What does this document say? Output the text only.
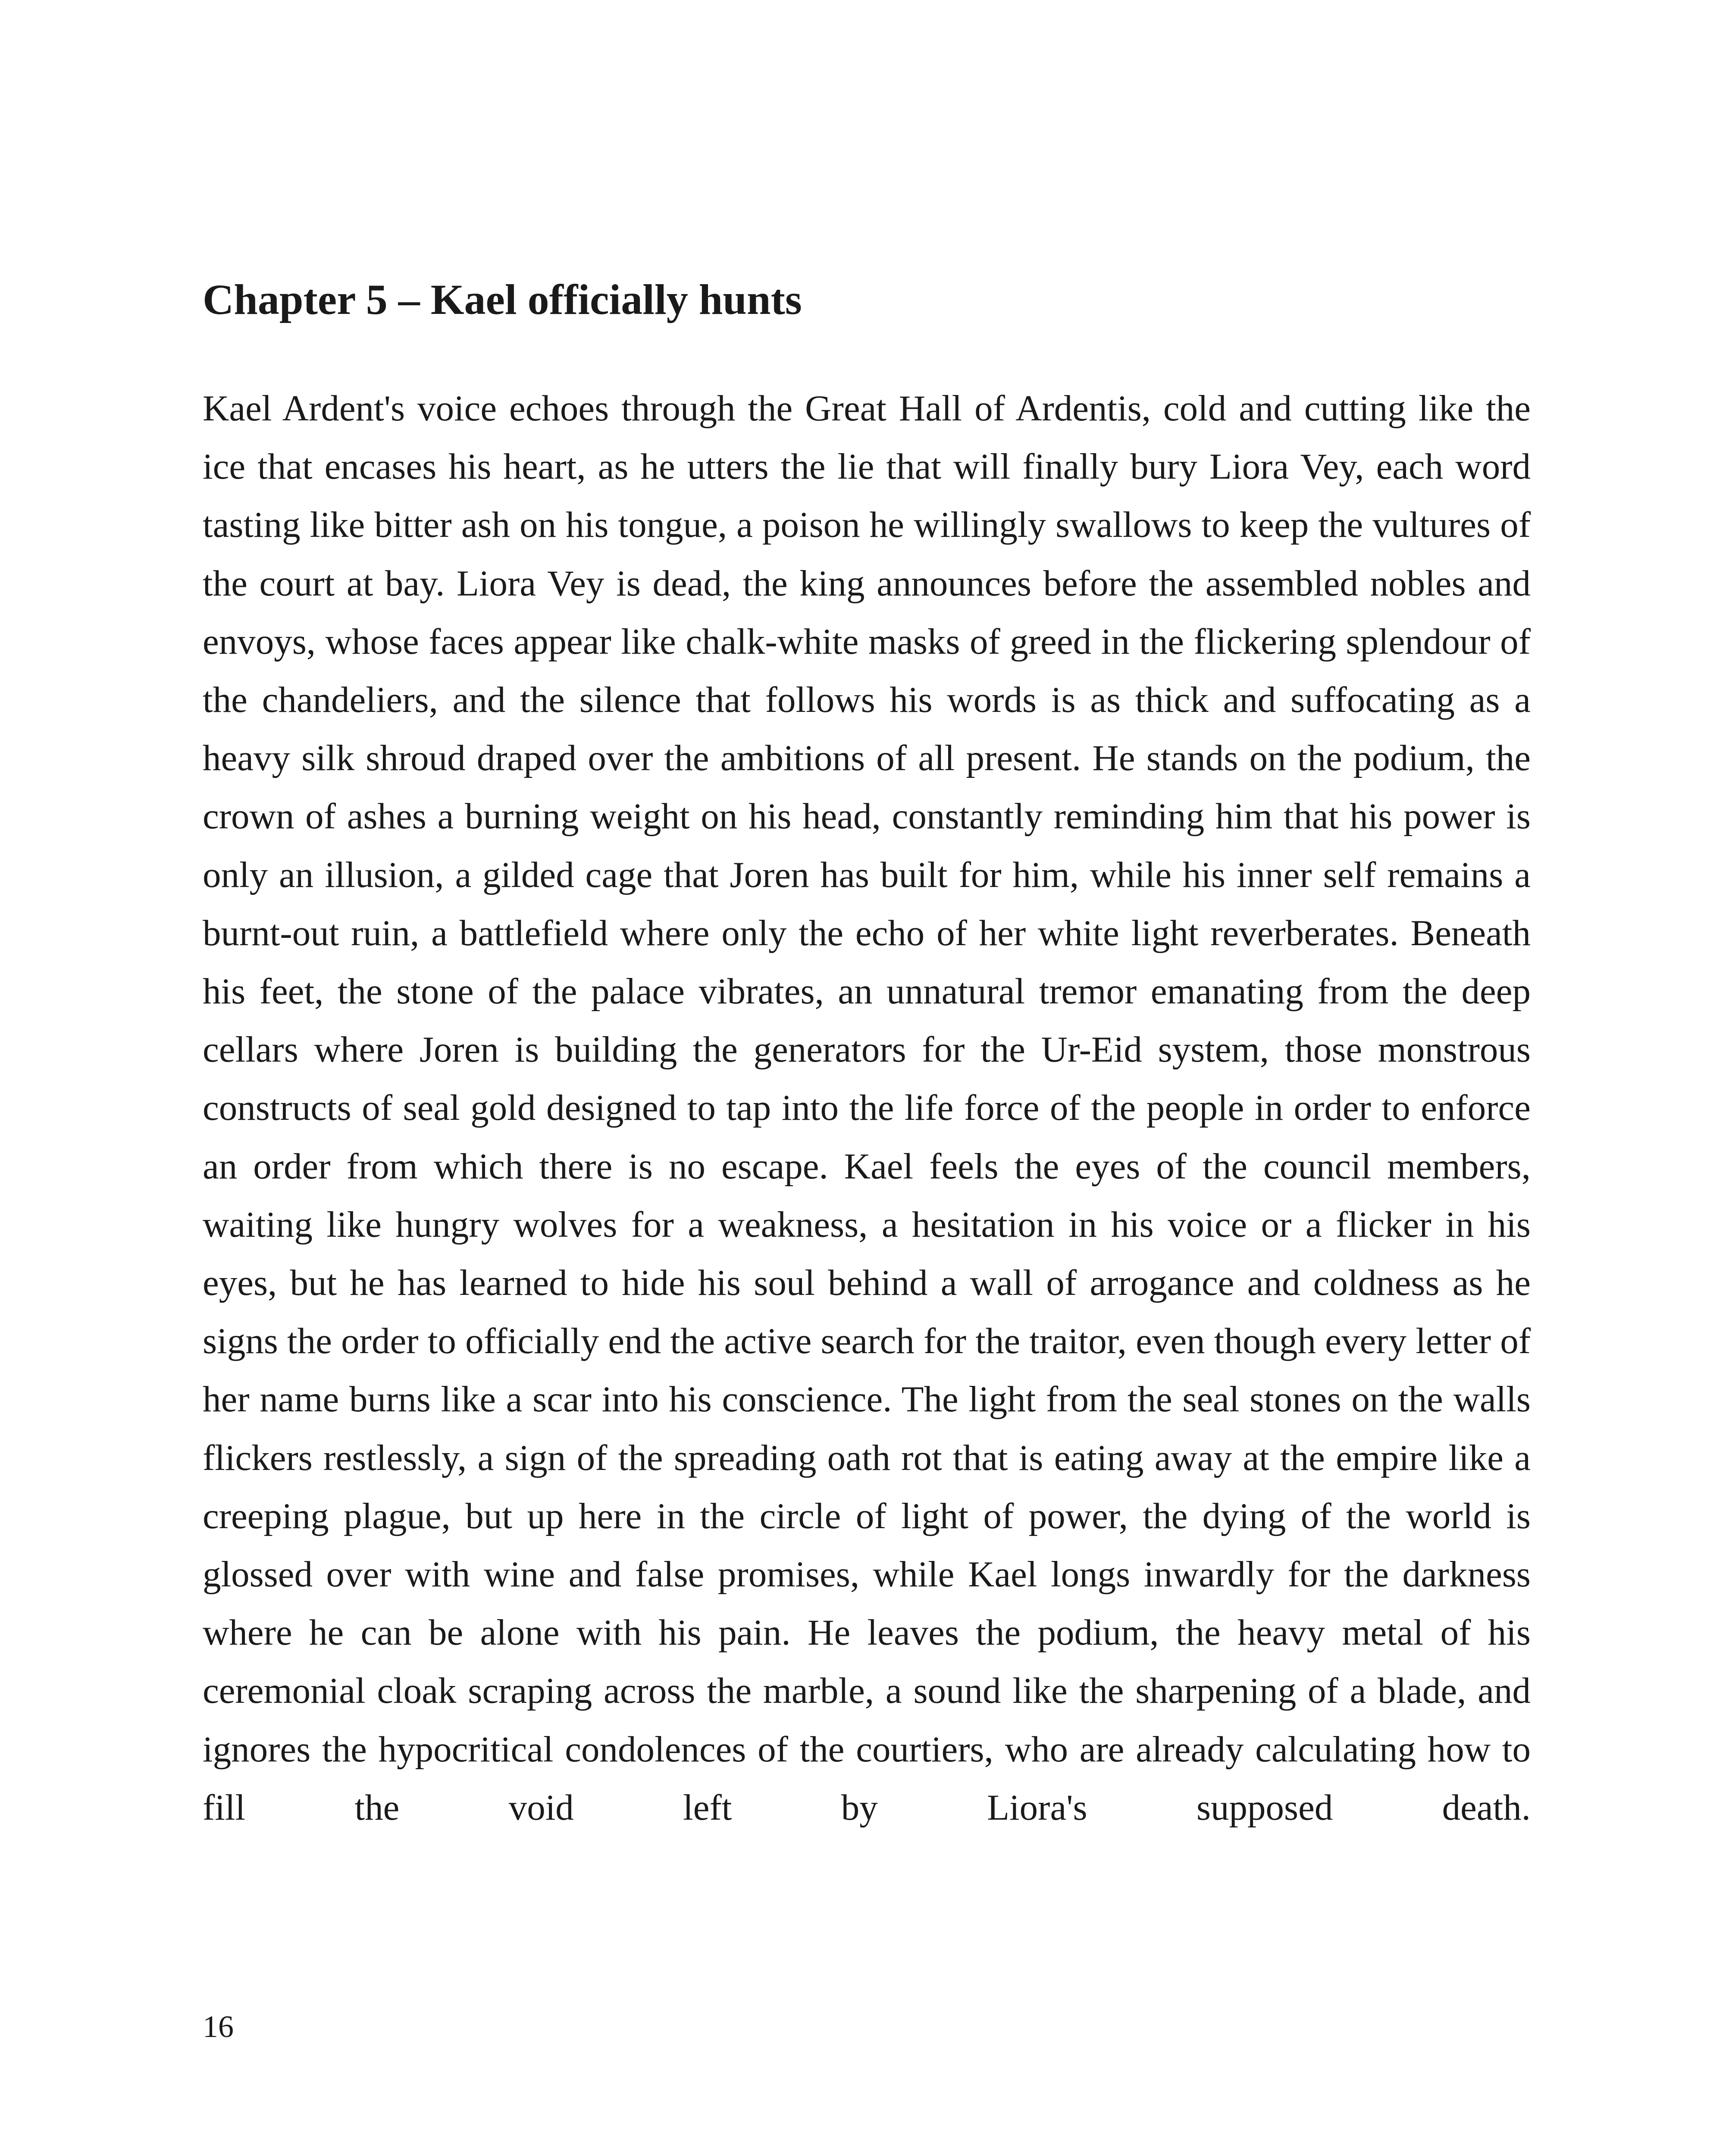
Chapter 5 – Kael officially hunts

Kael Ardent's voice echoes through the Great Hall of Ardentis, cold and cutting like the ice that encases his heart, as he utters the lie that will finally bury Liora Vey, each word tasting like bitter ash on his tongue, a poison he willingly swallows to keep the vultures of the court at bay. Liora Vey is dead, the king announces before the assembled nobles and envoys, whose faces appear like chalk-white masks of greed in the flickering splendour of the chandeliers, and the silence that follows his words is as thick and suffocating as a heavy silk shroud draped over the ambitions of all present. He stands on the podium, the crown of ashes a burning weight on his head, constantly reminding him that his power is only an illusion, a gilded cage that Joren has built for him, while his inner self remains a burnt-out ruin, a battlefield where only the echo of her white light reverberates. Beneath his feet, the stone of the palace vibrates, an unnatural tremor emanating from the deep cellars where Joren is building the generators for the Ur-Eid system, those monstrous constructs of seal gold designed to tap into the life force of the people in order to enforce an order from which there is no escape. Kael feels the eyes of the council members, waiting like hungry wolves for a weakness, a hesitation in his voice or a flicker in his eyes, but he has learned to hide his soul behind a wall of arrogance and coldness as he signs the order to officially end the active search for the traitor, even though every letter of her name burns like a scar into his conscience. The light from the seal stones on the walls flickers restlessly, a sign of the spreading oath rot that is eating away at the empire like a creeping plague, but up here in the circle of light of power, the dying of the world is glossed over with wine and false promises, while Kael longs inwardly for the darkness where he can be alone with his pain. He leaves the podium, the heavy metal of his ceremonial cloak scraping across the marble, a sound like the sharpening of a blade, and ignores the hypocritical condolences of the courtiers, who are already calculating how to fill the void left by Liora's supposed death.

16
